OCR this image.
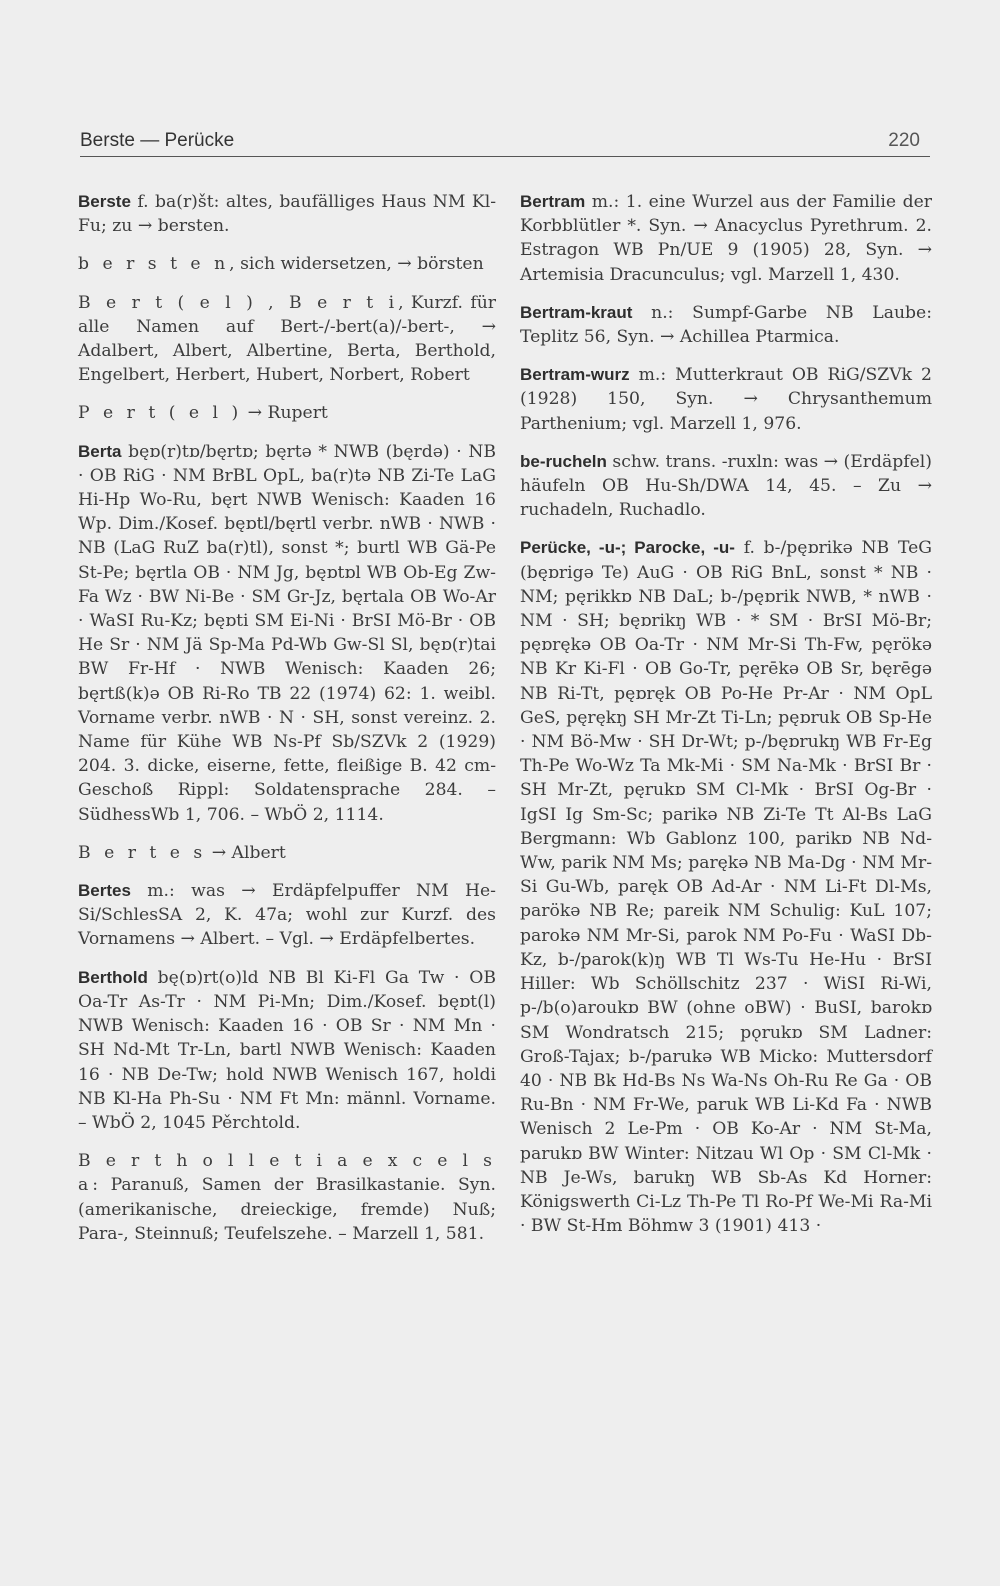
Berste — Perücke	220

Berste f. ba(r)št: altes, baufälliges Haus NM Kl-Fu; zu → bersten.

b e r s t e n, sich widersetzen, → börsten

B e r t ( e l ) , B e r t i, Kurzf. für alle Namen auf Bert-/-bert(a)/-bert-, → Adalbert, Albert, Albertine, Berta, Berthold, Engelbert, Herbert, Hubert, Norbert, Robert

P e r t ( e l ) → Rupert

Berta bęɒ(r)tɒ/bęrtɒ; bęrtə * NWB (bęrdə) · NB · OB RiG · NM BrBL OpL, ba(r)tə NB Zi-Te LaG Hi-Hp Wo-Ru, bęrt NWB Wenisch: Kaaden 16 Wp. Dim./Kosef. bęɒtl/bęrtl verbr. nWB · NWB · NB (LaG RuZ ba(r)tl), sonst *; burtl WB Gä-Pe St-Pe; bęrtla OB · NM Jg, bęɒtɒl WB Ob-Eg Zw-Fa Wz · BW Ni-Be · SM Gr-Jz, bęrtala OB Wo-Ar · WaSI Ru-Kz; bęɒti SM Ei-Ni · BrSI Mö-Br · OB He Sr · NM Jä Sp-Ma Pd-Wb Gw-Sl Sl, bęɒ(r)tai BW Fr-Hf · NWB Wenisch: Kaaden 26; bęrtß(k)ə OB Ri-Ro TB 22 (1974) 62: 1. weibl. Vorname verbr. nWB · N · SH, sonst vereinz. 2. Name für Kühe WB Ns-Pf Sb/SZVk 2 (1929) 204. 3. dicke, eiserne, fette, fleißige B. 42 cm-Geschoß Rippl: Soldatensprache 284. – SüdhessWb 1, 706. – WbÖ 2, 1114.

B e r t e s → Albert

Bertes m.: was → Erdäpfelpuffer NM He-Si/SchlesSA 2, K. 47a; wohl zur Kurzf. des Vornamens → Albert. – Vgl. → Erdäpfelbertes.

Berthold bę(ɒ)rt(o)ld NB Bl Ki-Fl Ga Tw · OB Oa-Tr As-Tr · NM Pi-Mn; Dim./Kosef. bęɒt(l) NWB Wenisch: Kaaden 16 · OB Sr · NM Mn · SH Nd-Mt Tr-Ln, bartl NWB Wenisch: Kaaden 16 · NB De-Tw; hold NWB Wenisch 167, holdi NB Kl-Ha Ph-Su · NM Ft Mn: männl. Vorname. – WbÖ 2, 1045 Pěrchtold.

B e r t h o l l e t i a e x c e l s a: Paranuß, Samen der Brasilkastanie. Syn. (amerikanische, dreieckige, fremde) Nuß; Para-, Steinnuß; Teufelszehe. – Marzell 1, 581.

Bertram m.: 1. eine Wurzel aus der Familie der Korbblütler *. Syn. → Anacyclus Pyrethrum. 2. Estragon WB Pn/UE 9 (1905) 28, Syn. → Artemisia Dracunculus; vgl. Marzell 1, 430.

Bertram-kraut n.: Sumpf-Garbe NB Laube: Teplitz 56, Syn. → Achillea Ptarmica.

Bertram-wurz m.: Mutterkraut OB RiG/SZVk 2 (1928) 150, Syn. → Chrysanthemum Parthenium; vgl. Marzell 1, 976.

be-rucheln schw. trans. -ruxln: was → (Erdäpfel) häufeln OB Hu-Sh/DWA 14, 45. – Zu → ruchadeln, Ruchadlo.

Perücke, -u-; Parocke, -u- f. b-/pęɒrikə NB TeG (bęɒrigə Te) AuG · OB RiG BnL, sonst * NB · NM; pęrikkɒ NB DaL; b-/pęɒrik NWB, * nWB · NM · SH; bęɒrikŋ WB · * SM · BrSI Mö-Br; pęɒrękə OB Oa-Tr · NM Mr-Si Th-Fw, pęrökə NB Kr Ki-Fl · OB Go-Tr, pęrēkə OB Sr, bęrēgə NB Ri-Tt, pęɒręk OB Po-He Pr-Ar · NM OpL GeS, pęrękŋ SH Mr-Zt Ti-Ln; pęɒruk OB Sp-He · NM Bö-Mw · SH Dr-Wt; p-/bęɒrukŋ WB Fr-Eg Th-Pe Wo-Wz Ta Mk-Mi · SM Na-Mk · BrSI Br · SH Mr-Zt, pęrukɒ SM Cl-Mk · BrSI Og-Br · IgSI Ig Sm-Sc; parikə NB Zi-Te Tt Al-Bs LaG Bergmann: Wb Gablonz 100, parikɒ NB Nd-Ww, parik NM Ms; parękə NB Ma-Dg · NM Mr-Si Gu-Wb, paręk OB Ad-Ar · NM Li-Ft Dl-Ms, parökə NB Re; pareik NM Schulig: KuL 107; parokə NM Mr-Si, parok NM Po-Fu · WaSI Db-Kz, b-/parok(k)ŋ WB Tl Ws-Tu He-Hu · BrSI Hiller: Wb Schöllschitz 237 · WiSI Ri-Wi, p-/b(o)aroukɒ BW (ohne oBW) · BuSI, barokɒ SM Wondratsch 215; pǫrukɒ SM Ladner: Groß-Tajax; b-/parukə WB Micko: Muttersdorf 40 · NB Bk Hd-Bs Ns Wa-Ns Oh-Ru Re Ga · OB Ru-Bn · NM Fr-We, paruk WB Li-Kd Fa · NWB Wenisch 2 Le-Pm · OB Ko-Ar · NM St-Ma, parukɒ BW Winter: Nitzau Wl Op · SM Cl-Mk · NB Je-Ws, barukŋ WB Sb-As Kd Horner: Königswerth Ci-Lz Th-Pe Tl Ro-Pf We-Mi Ra-Mi · BW St-Hm Böhmw 3 (1901) 413 ·
